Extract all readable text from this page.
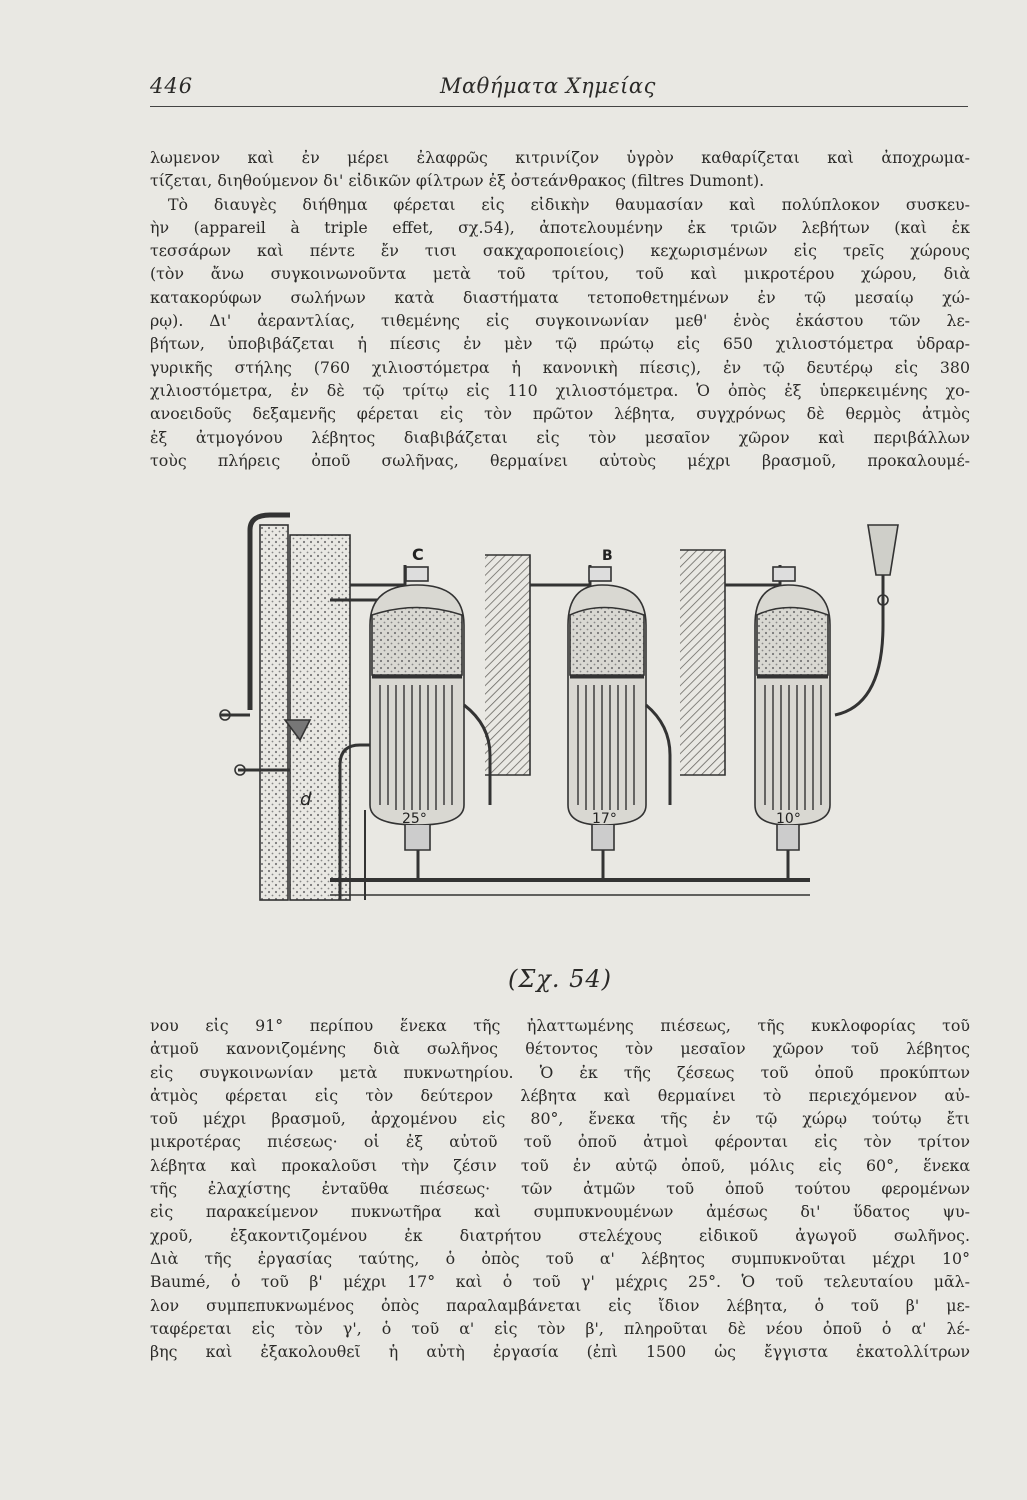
446	Μαθήματα Χημείας
λωμενον καὶ ἐν μέρει ἐλαφρῶς κιτρινίζον ὑγρὸν καθαρίζεται καὶ ἀποχρωμα-
τίζεται, διηθούμενον δι' εἰδικῶν φίλτρων ἐξ ὀστεάνθρακος (filtres Dumont).
Τὸ διαυγὲς διήθημα φέρεται εἰς εἰδικὴν θαυμασίαν καὶ πολύπλοκον συσκευ-
ὴν (appareil à triple effet, σχ.54), ἀποτελουμένην ἐκ τριῶν λεβήτων (καὶ ἐκ
τεσσάρων καὶ πέντε ἔν τισι σακχαροποιείοις) κεχωρισμένων εἰς τρεῖς χώρους
(τὸν ἄνω συγκοινωνοῦντα μετὰ τοῦ τρίτου, τοῦ καὶ μικροτέρου χώρου, διὰ
κατακορύφων σωλήνων κατὰ διαστήματα τετοποθετημένων ἐν τῷ μεσαίῳ χώ-
ρῳ). Δι' ἀεραντλίας, τιθεμένης εἰς συγκοινωνίαν μεθ' ἑνὸς ἑκάστου τῶν λε-
βήτων, ὑποβιβάζεται ἡ πίεσις ἐν μὲν τῷ πρώτῳ εἰς 650 χιλιοστόμετρα ὑδραρ-
γυρικῆς στήλης (760 χιλιοστόμετρα ἡ κανονικὴ πίεσις), ἐν τῷ δευτέρῳ εἰς 380
χιλιοστόμετρα, ἐν δὲ τῷ τρίτῳ εἰς 110 χιλιοστόμετρα. Ὁ ὀπὸς ἐξ ὑπερκειμένης χο-
ανοειδοῦς δεξαμενῆς φέρεται εἰς τὸν πρῶτον λέβητα, συγχρόνως δὲ θερμὸς ἀτμὸς
ἐξ ἀτμογόνου λέβητος διαβιβάζεται εἰς τὸν μεσαῖον χῶρον καὶ περιβάλλων
τοὺς πλήρεις ὀποῦ σωλῆνας, θερμαίνει αὐτοὺς μέχρι βρασμοῦ, προκαλουμέ-
C	B
d
25°	17°	10°
(Σχ. 54)
νου εἰς 91° περίπου ἕνεκα τῆς ἠλαττωμένης πιέσεως, τῆς κυκλοφορίας τοῦ
ἀτμοῦ κανονιζομένης διὰ σωλῆνος θέτοντος τὸν μεσαῖον χῶρον τοῦ λέβητος
εἰς συγκοινωνίαν μετὰ πυκνωτηρίου. Ὁ ἐκ τῆς ζέσεως τοῦ ὀποῦ προκύπτων
ἀτμὸς φέρεται εἰς τὸν δεύτερον λέβητα καὶ θερμαίνει τὸ περιεχόμενον αὐ-
τοῦ μέχρι βρασμοῦ, ἀρχομένου εἰς 80°, ἕνεκα τῆς ἐν τῷ χώρῳ τούτῳ ἔτι
μικροτέρας πιέσεως· οἱ ἐξ αὐτοῦ τοῦ ὀποῦ ἀτμοὶ φέρονται εἰς τὸν τρίτον
λέβητα καὶ προκαλοῦσι τὴν ζέσιν τοῦ ἐν αὐτῷ ὀποῦ, μόλις εἰς 60°, ἕνεκα
τῆς ἐλαχίστης ἐνταῦθα πιέσεως· τῶν ἀτμῶν τοῦ ὀποῦ τούτου φερομένων
εἰς παρακείμενον πυκνωτῆρα καὶ συμπυκνουμένων ἀμέσως δι' ὕδατος ψυ-
χροῦ, ἐξακοντιζομένου ἐκ διατρήτου στελέχους εἰδικοῦ ἀγωγοῦ σωλῆνος.
Διὰ τῆς ἐργασίας ταύτης, ὁ ὀπὸς τοῦ α' λέβητος συμπυκνοῦται μέχρι 10°
Baumé, ὁ τοῦ β' μέχρι 17° καὶ ὁ τοῦ γ' μέχρις 25°. Ὁ τοῦ τελευταίου μᾶλ-
λον συμπεπυκνωμένος ὀπὸς παραλαμβάνεται εἰς ἴδιον λέβητα, ὁ τοῦ β' με-
ταφέρεται εἰς τὸν γ', ὁ τοῦ α' εἰς τὸν β', πληροῦται δὲ νέου ὀποῦ ὁ α' λέ-
βης καὶ ἐξακολουθεῖ ἡ αὐτὴ ἐργασία (ἐπὶ 1500 ὡς ἔγγιστα ἑκατολλίτρων
